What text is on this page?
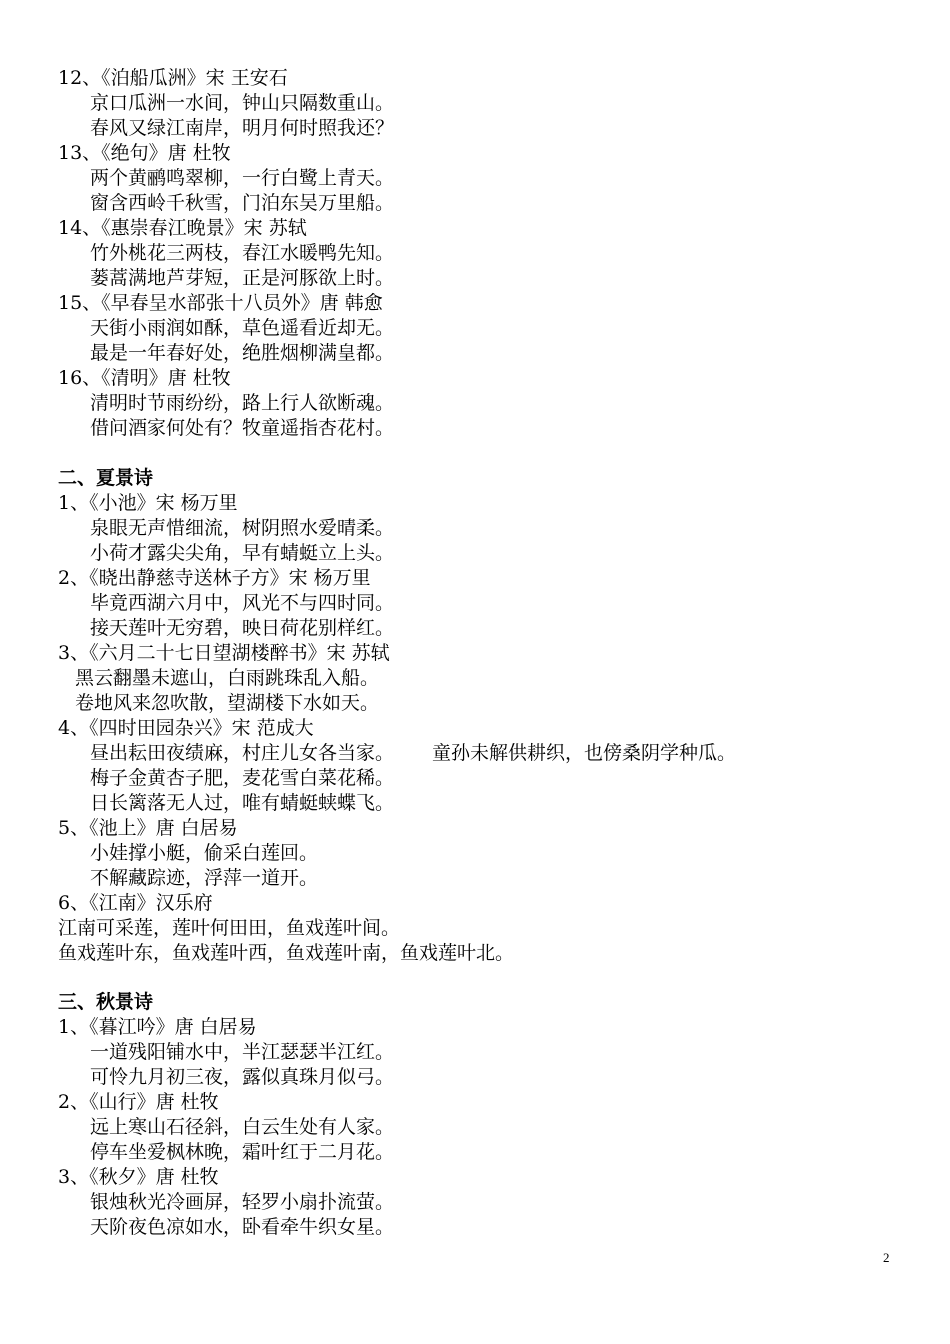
12、《泊船瓜洲》宋 王安石
京口瓜洲一水间，钟山只隔数重山。
春风又绿江南岸，明月何时照我还？
13、《绝句》唐 杜牧
两个黄鹂鸣翠柳，一行白鹭上青天。
窗含西岭千秋雪，门泊东吴万里船。
14、《惠崇春江晚景》宋 苏轼
竹外桃花三两枝，春江水暖鸭先知。
蒌蒿满地芦芽短，正是河豚欲上时。
15、《早春呈水部张十八员外》唐 韩愈
天街小雨润如酥，草色遥看近却无。
最是一年春好处，绝胜烟柳满皇都。
16、《清明》唐 杜牧
清明时节雨纷纷，路上行人欲断魂。
借问酒家何处有？牧童遥指杏花村。
二、夏景诗
1、《小池》宋 杨万里
泉眼无声惜细流，树阴照水爱晴柔。
小荷才露尖尖角，早有蜻蜓立上头。
2、《晓出静慈寺送林子方》宋 杨万里
毕竟西湖六月中，风光不与四时同。
接天莲叶无穷碧，映日荷花别样红。
3、《六月二十七日望湖楼醉书》宋 苏轼
黑云翻墨未遮山，白雨跳珠乱入船。
卷地风来忽吹散，望湖楼下水如天。
4、《四时田园杂兴》宋 范成大
昼出耘田夜绩麻，村庄儿女各当家。 童孙未解供耕织，也傍桑阴学种瓜。
梅子金黄杏子肥，麦花雪白菜花稀。
日长篱落无人过，唯有蜻蜓蛱蝶飞。
5、《池上》唐 白居易
小娃撑小艇，偷采白莲回。
不解藏踪迹，浮萍一道开。
6、《江南》汉乐府
江南可采莲，莲叶何田田，鱼戏莲叶间。
鱼戏莲叶东，鱼戏莲叶西，鱼戏莲叶南，鱼戏莲叶北。
三、秋景诗
1、《暮江吟》唐 白居易
一道残阳铺水中，半江瑟瑟半江红。
可怜九月初三夜，露似真珠月似弓。
2、《山行》唐 杜牧
远上寒山石径斜，白云生处有人家。
停车坐爱枫林晚，霜叶红于二月花。
3、《秋夕》唐 杜牧
银烛秋光冷画屏，轻罗小扇扑流萤。
天阶夜色凉如水，卧看牵牛织女星。
2
